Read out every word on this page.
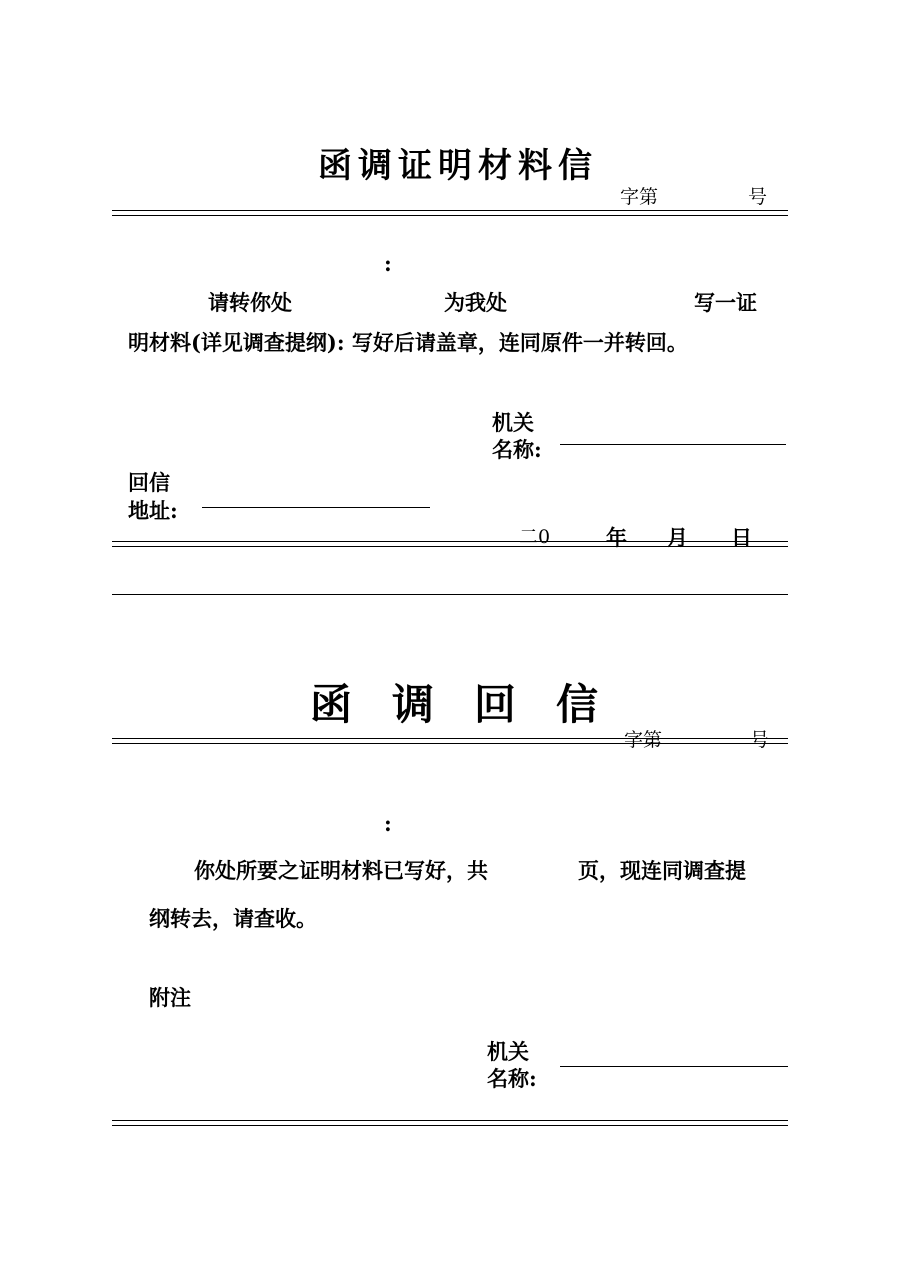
函调证明材料信
字第	号
:
请转你处	为我处	写一证
明材料(详见调查提纲): 写好后请盖章，连同原件一并转回。
机关
名称:
回信
地址:
二0	年 月 日
函调回信
字第	号
:
你处所要之证明材料已写好，共	页，现连同调查提
纲转去，请查收。
附注
机关
名称:
